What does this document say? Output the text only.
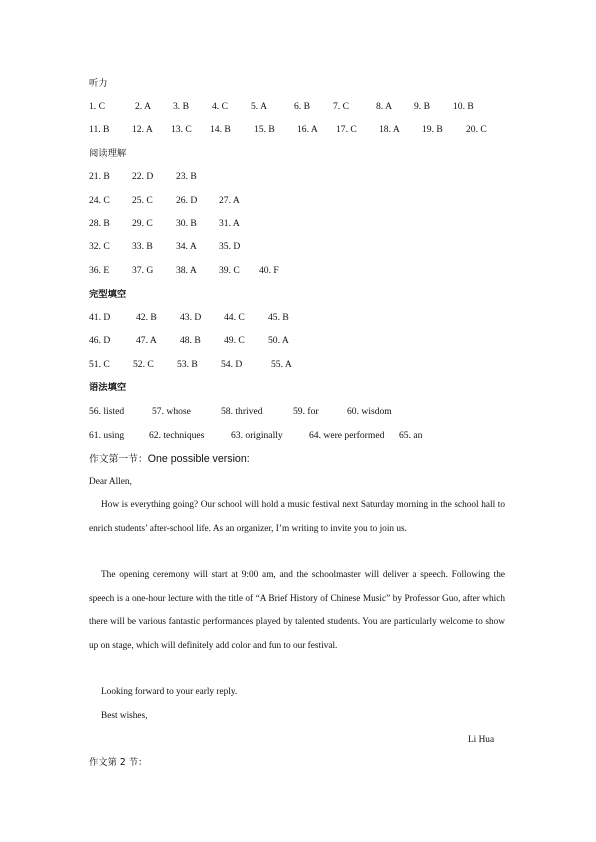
听力
1. C	2. A 3. B 4. C 5. A	6. B 7. C	8. A 9. B 10. B
11. B 12. A 13. C 14. B 15. B 16. A 17. C 18. A 19. B 20. C
阅读理解
21. B 22. D 23. B
24. C 25. C 26. D 27. A
28. B 29. C 30. B 31. A
32. C 33. B 34. A 35. D
36. E 37. G 38. A 39. C 40. F
完型填空
41. D	42. B 43. D 44. C 45. B
46. D	47. A 48. B 49. C 50. A
51. C 52. C 53. B 54. D	55. A
语法填空
56. listed	57. whose	58. thrived	59. for	60. wisdom
61. using	62. techniques	63. originally	64. were performed 65. an
作文第一节：One possible version:
Dear Allen,
How is everything going? Our school will hold a music festival next Saturday morning in the school hall to enrich students’ after-school life. As an organizer, I’m writing to invite you to join us.
The opening ceremony will start at 9:00 am, and the schoolmaster will deliver a speech. Following the speech is a one-hour lecture with the title of “A Brief History of Chinese Music” by Professor Guo, after which there will be various fantastic performances played by talented students. You are particularly welcome to show up on stage, which will definitely add color and fun to our festival.
Looking forward to your early reply.
Best wishes,
Li Hua
作文第 2 节：
